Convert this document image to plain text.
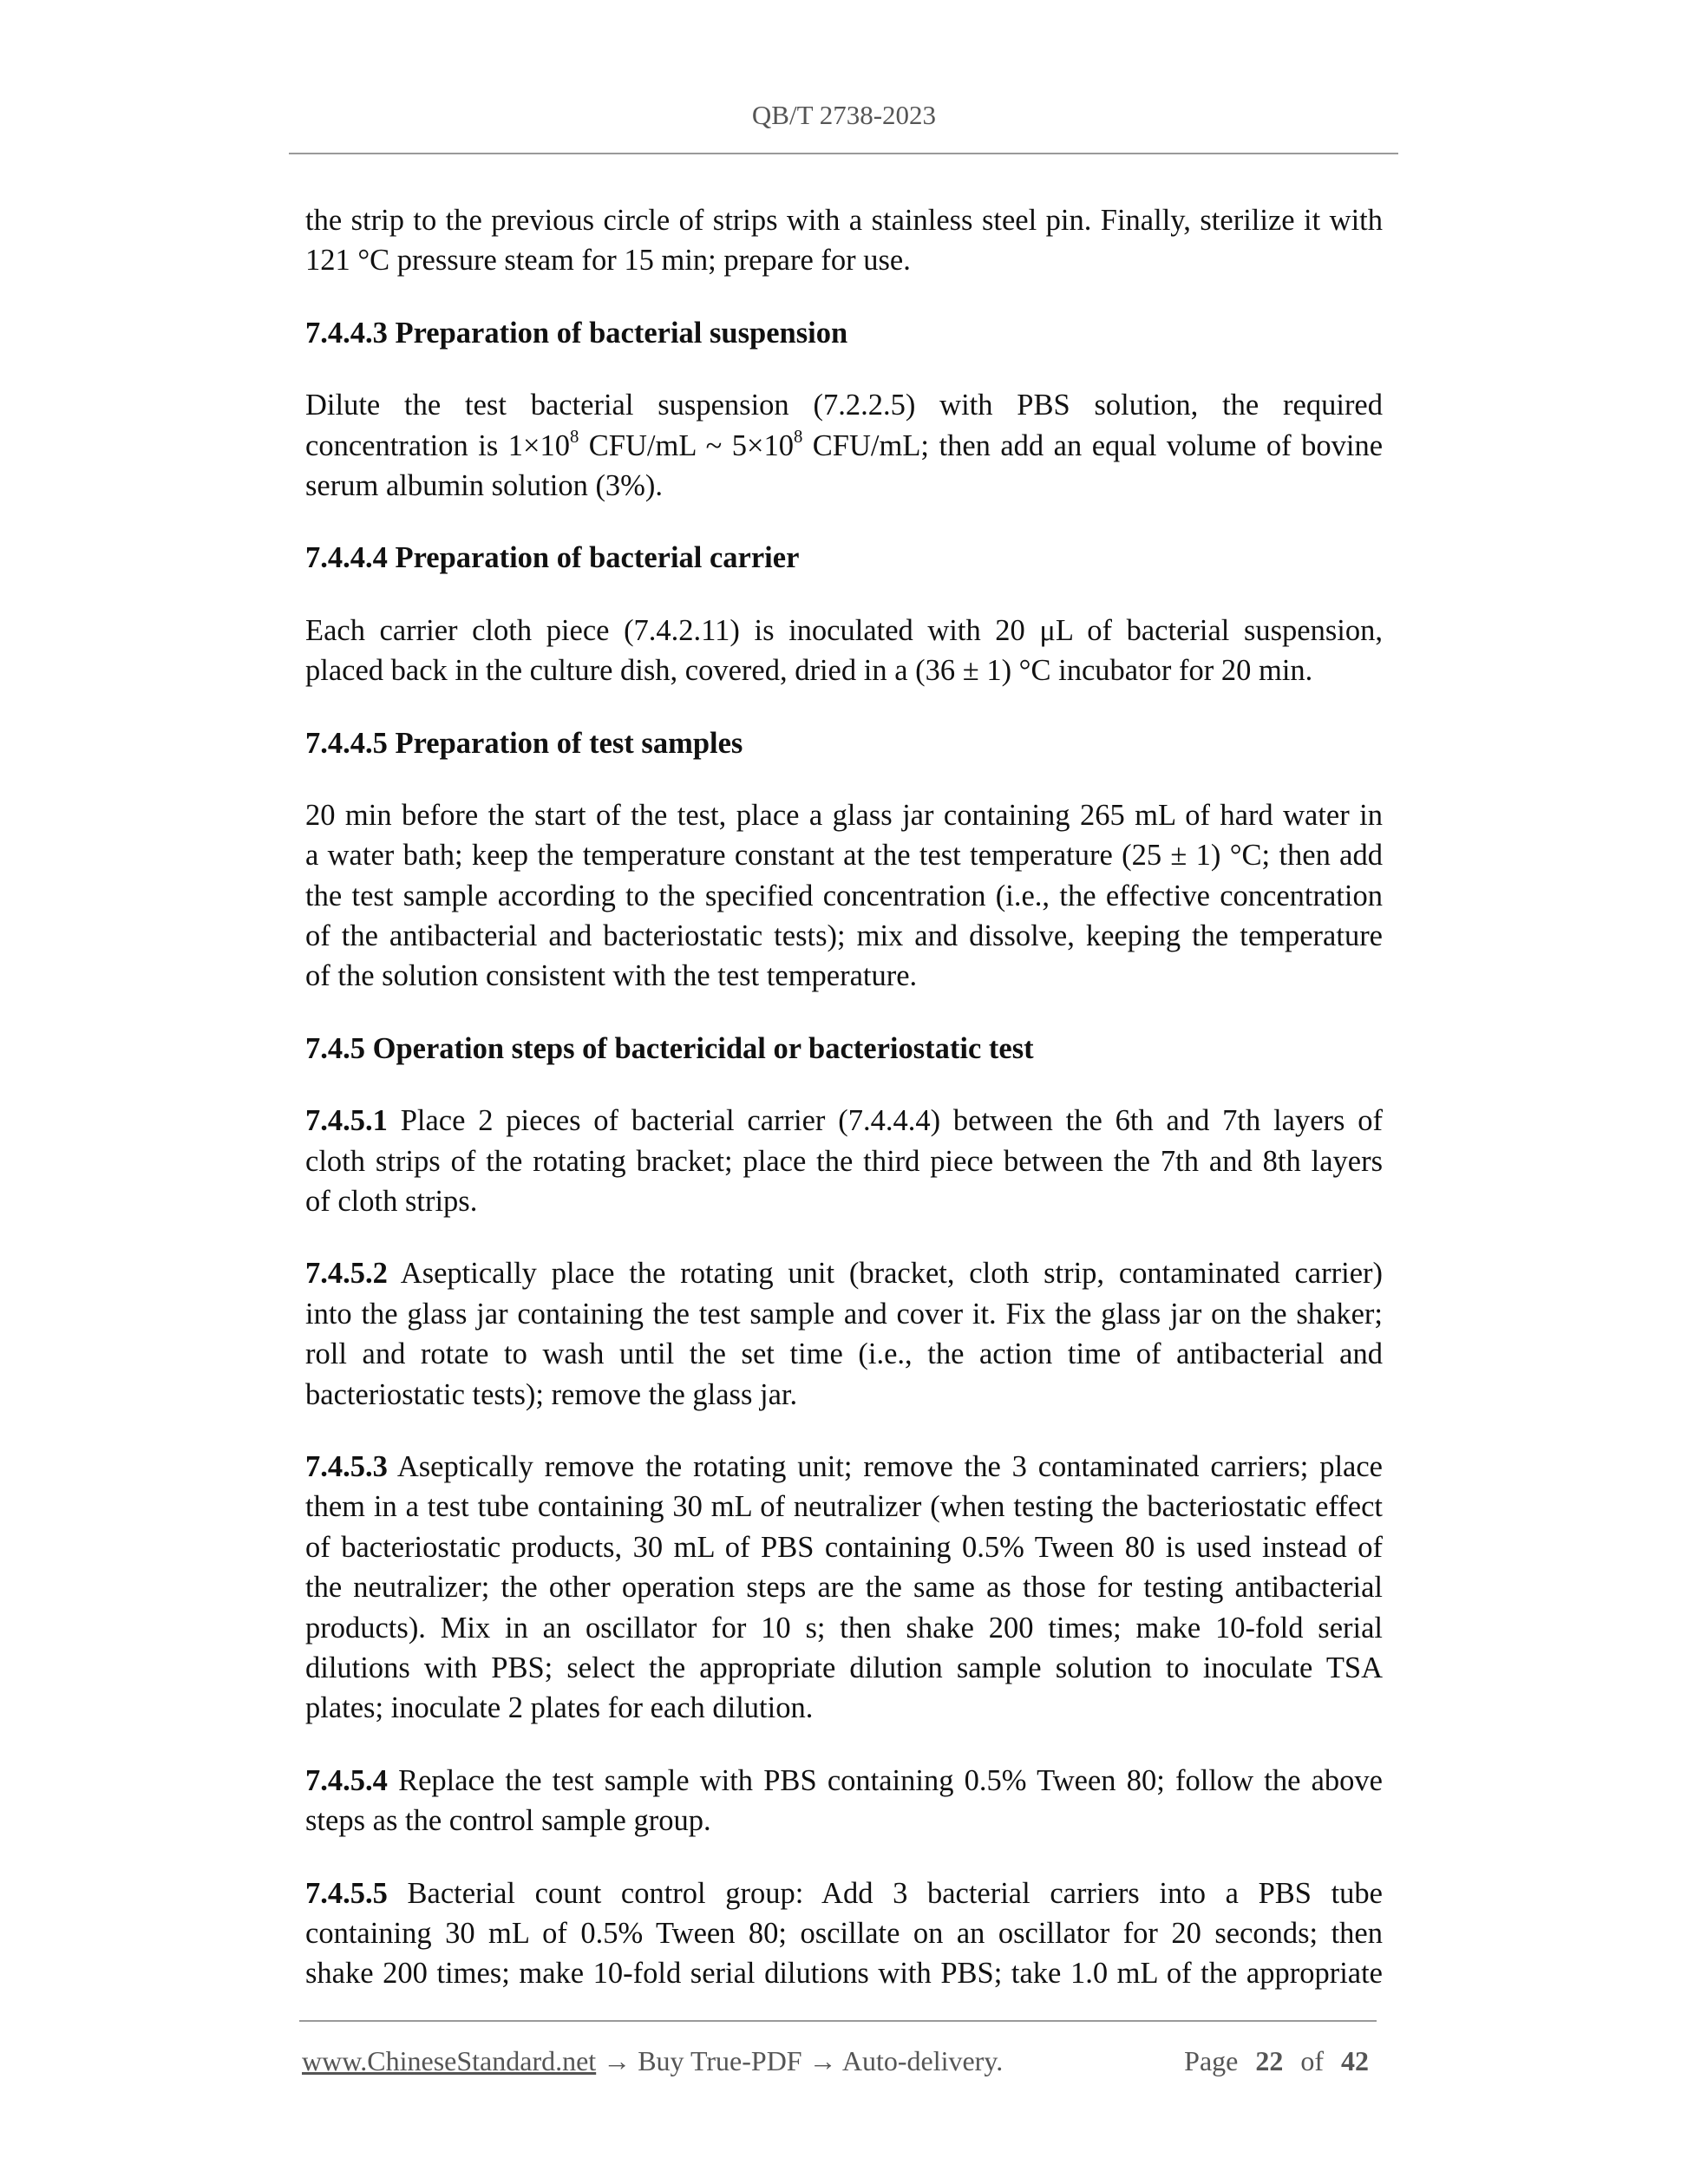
QB/T 2738-2023
the strip to the previous circle of strips with a stainless steel pin. Finally, sterilize it with
121 °C pressure steam for 15 min; prepare for use.
7.4.4.3 Preparation of bacterial suspension
Dilute the test bacterial suspension (7.2.2.5) with PBS solution, the required
concentration is $1\times 10^8$ CFU/mL ~ $5\times 10^8$ CFU/mL; then add an equal volume of bovine
serum albumin solution (3%).
7.4.4.4 Preparation of bacterial carrier
Each carrier cloth piece (7.4.2.11) is inoculated with 20 μL of bacterial suspension,
placed back in the culture dish, covered, dried in a (36 ± 1) °C incubator for 20 min.
7.4.4.5 Preparation of test samples
20 min before the start of the test, place a glass jar containing 265 mL of hard water in
a water bath; keep the temperature constant at the test temperature (25 ± 1) °C; then add
the test sample according to the specified concentration (i.e., the effective concentration
of the antibacterial and bacteriostatic tests); mix and dissolve, keeping the temperature
of the solution consistent with the test temperature.
7.4.5 Operation steps of bactericidal or bacteriostatic test
7.4.5.1 Place 2 pieces of bacterial carrier (7.4.4.4) between the 6th and 7th layers of
cloth strips of the rotating bracket; place the third piece between the 7th and 8th layers
of cloth strips.
7.4.5.2 Aseptically place the rotating unit (bracket, cloth strip, contaminated carrier)
into the glass jar containing the test sample and cover it. Fix the glass jar on the shaker;
roll and rotate to wash until the set time (i.e., the action time of antibacterial and
bacteriostatic tests); remove the glass jar.
7.4.5.3 Aseptically remove the rotating unit; remove the 3 contaminated carriers; place
them in a test tube containing 30 mL of neutralizer (when testing the bacteriostatic effect
of bacteriostatic products, 30 mL of PBS containing 0.5% Tween 80 is used instead of
the neutralizer; the other operation steps are the same as those for testing antibacterial
products). Mix in an oscillator for 10 s; then shake 200 times; make 10-fold serial
dilutions with PBS; select the appropriate dilution sample solution to inoculate TSA
plates; inoculate 2 plates for each dilution.
7.4.5.4 Replace the test sample with PBS containing 0.5% Tween 80; follow the above
steps as the control sample group.
7.4.5.5 Bacterial count control group: Add 3 bacterial carriers into a PBS tube
containing 30 mL of 0.5% Tween 80; oscillate on an oscillator for 20 seconds; then
shake 200 times; make 10-fold serial dilutions with PBS; take 1.0 mL of the appropriate
www.ChineseStandard.net → Buy True-PDF → Auto-delivery.	Page 22 of 42
